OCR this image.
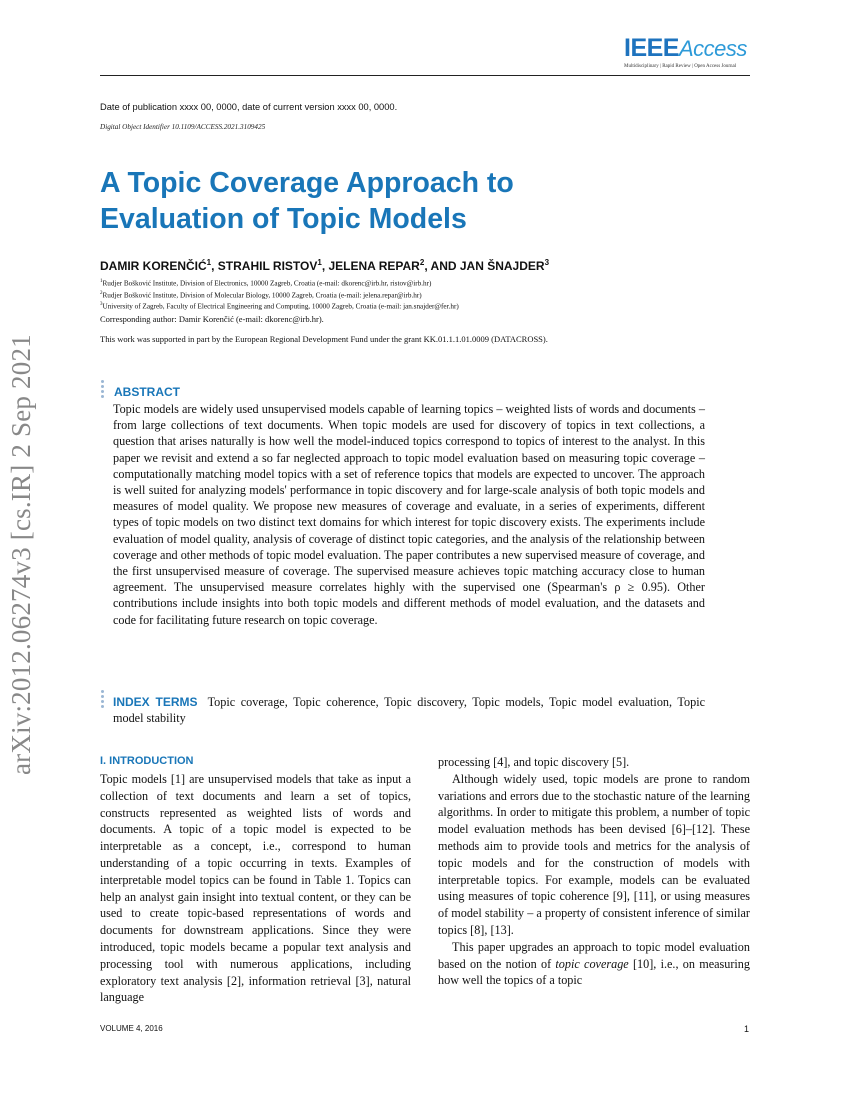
IEEEAccess
Multidisciplinary | Rapid Review | Open Access Journal
Date of publication xxxx 00, 0000, date of current version xxxx 00, 0000.
Digital Object Identifier 10.1109/ACCESS.2021.3109425
A Topic Coverage Approach to Evaluation of Topic Models
DAMIR KORENČIĆ$^1$, STRAHIL RISTOV$^1$, JELENA REPAR$^2$, AND JAN ŠNAJDER$^3$
$^1$Rudjer Bošković Institute, Division of Electronics, 10000 Zagreb, Croatia (e-mail: dkorenc@irb.hr, ristov@irb.hr)
$^2$Rudjer Bošković Institute, Division of Molecular Biology, 10000 Zagreb, Croatia (e-mail: jelena.repar@irb.hr)
$^3$University of Zagreb, Faculty of Electrical Engineering and Computing, 10000 Zagreb, Croatia (e-mail: jan.snajder@fer.hr)
Corresponding author: Damir Korenčić (e-mail: dkorenc@irb.hr).
This work was supported in part by the European Regional Development Fund under the grant KK.01.1.1.01.0009 (DATACROSS).
arXiv:2012.06274v3 [cs.IR] 2 Sep 2021	ABSTRACT
Topic models are widely used unsupervised models capable of learning topics – weighted lists of words and documents – from large collections of text documents. When topic models are used for discovery of topics in text collections, a question that arises naturally is how well the model-induced topics correspond to topics of interest to the analyst. In this paper we revisit and extend a so far neglected approach to topic model evaluation based on measuring topic coverage – computationally matching model topics with a set of reference topics that models are expected to uncover. The approach is well suited for analyzing models' performance in topic discovery and for large-scale analysis of both topic models and measures of model quality. We propose new measures of coverage and evaluate, in a series of experiments, different types of topic models on two distinct text domains for which interest for topic discovery exists. The experiments include evaluation of model quality, analysis of coverage of distinct topic categories, and the analysis of the relationship between coverage and other methods of topic model evaluation. The paper contributes a new supervised measure of coverage, and the first unsupervised measure of coverage. The supervised measure achieves topic matching accuracy close to human agreement. The unsupervised measure correlates highly with the supervised one (Spearman's ρ ≥ 0.95). Other contributions include insights into both topic models and different methods of model evaluation, and the datasets and code for facilitating future research on topic coverage.
INDEX TERMS Topic coverage, Topic coherence, Topic discovery, Topic models, Topic model evaluation, Topic model stability
I. INTRODUCTION
Topic models [1] are unsupervised models that take as input a collection of text documents and learn a set of topics, constructs represented as weighted lists of words and documents. A topic of a topic model is expected to be interpretable as a concept, i.e., correspond to human understanding of a topic occurring in texts. Examples of interpretable model topics can be found in Table 1. Topics can help an analyst gain insight into textual content, or they can be used to create topic-based representations of words and documents for downstream applications. Since they were introduced, topic models became a popular text analysis and processing tool with numerous applications, including exploratory text analysis [2], information retrieval [3], natural language

processing [4], and topic discovery [5].

Although widely used, topic models are prone to random variations and errors due to the stochastic nature of the learning algorithms. In order to mitigate this problem, a number of topic model evaluation methods has been devised [6]–[12]. These methods aim to provide tools and metrics for the analysis of topic models and for the construction of models with interpretable topics. For example, models can be evaluated using measures of topic coherence [9], [11], or using measures of model stability – a property of consistent inference of similar topics [8], [13].

This paper upgrades an approach to topic model evaluation based on the notion of topic coverage [10], i.e., on measuring how well the topics of a topic

VOLUME 4, 2016	1
